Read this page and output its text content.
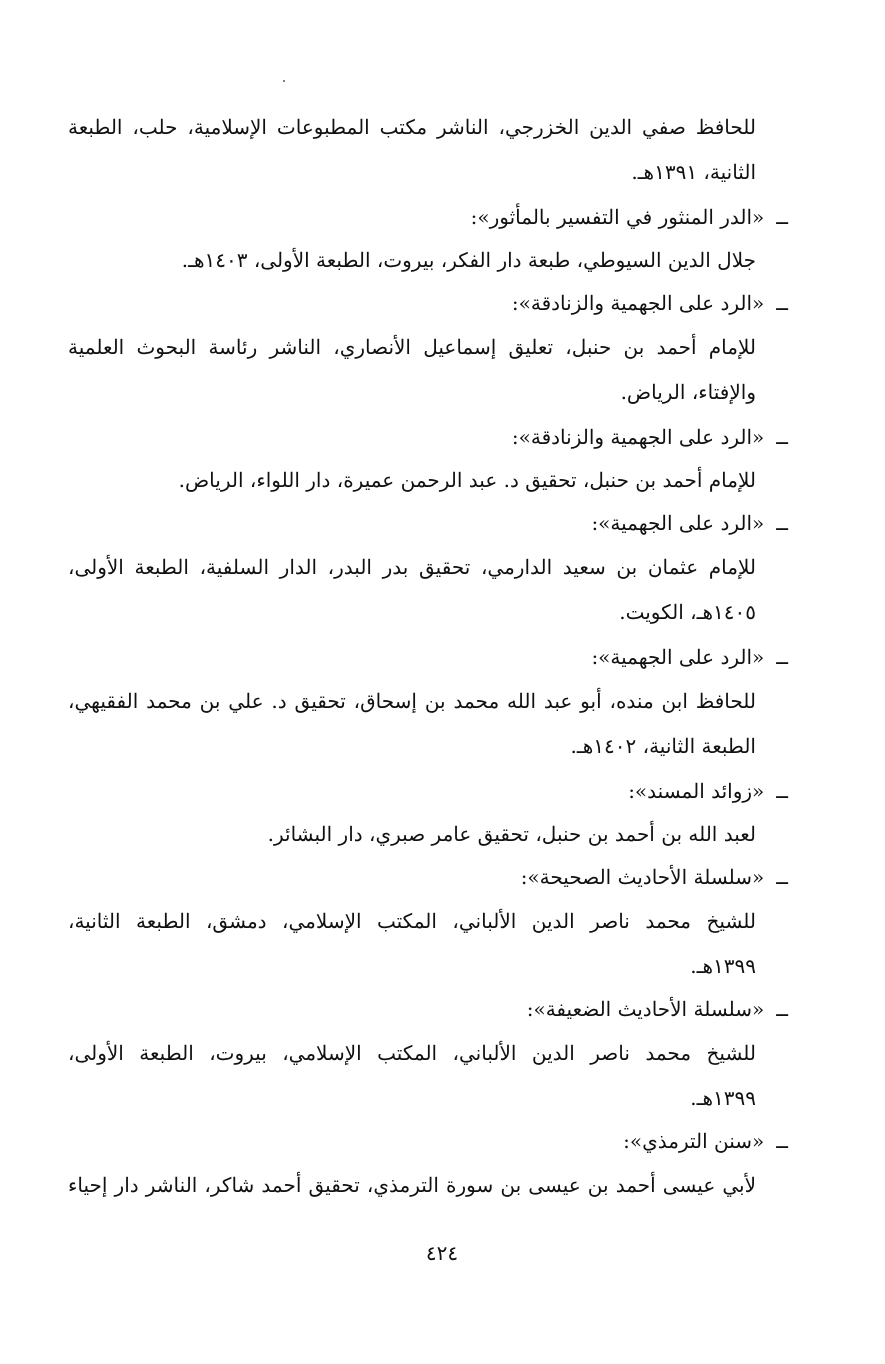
للحافظ صفي الدين الخزرجي، الناشر مكتب المطبوعات الإسلامية، حلب، الطبعة
الثانية، ١٣٩١هـ.
ــ«الدر المنثور في التفسير بالمأثور»:
جلال الدين السيوطي، طبعة دار الفكر، بيروت، الطبعة الأولى، ١٤٠٣هـ.
ــ«الرد على الجهمية والزنادقة»:
للإمام أحمد بن حنبل، تعليق إسماعيل الأنصاري، الناشر رئاسة البحوث العلمية
والإفتاء، الرياض.
ــ«الرد على الجهمية والزنادقة»:
للإمام أحمد بن حنبل، تحقيق د. عبد الرحمن عميرة، دار اللواء، الرياض.
ــ«الرد على الجهمية»:
للإمام عثمان بن سعيد الدارمي، تحقيق بدر البدر، الدار السلفية، الطبعة الأولى،
١٤٠٥هـ، الكويت.
ــ«الرد على الجهمية»:
للحافظ ابن منده، أبو عبد الله محمد بن إسحاق، تحقيق د. علي بن محمد الفقيهي،
الطبعة الثانية، ١٤٠٢هـ.
ــ«زوائد المسند»:
لعبد الله بن أحمد بن حنبل، تحقيق عامر صبري، دار البشائر.
ــ«سلسلة الأحاديث الصحيحة»:
للشيخ محمد ناصر الدين الألباني، المكتب الإسلامي، دمشق، الطبعة الثانية،
١٣٩٩هـ.
ــ«سلسلة الأحاديث الضعيفة»:
للشيخ محمد ناصر الدين الألباني، المكتب الإسلامي، بيروت، الطبعة الأولى،
١٣٩٩هـ.
ــ«سنن الترمذي»:
لأبي عيسى أحمد بن عيسى بن سورة الترمذي، تحقيق أحمد شاكر، الناشر دار إحياء
٤٢٤
